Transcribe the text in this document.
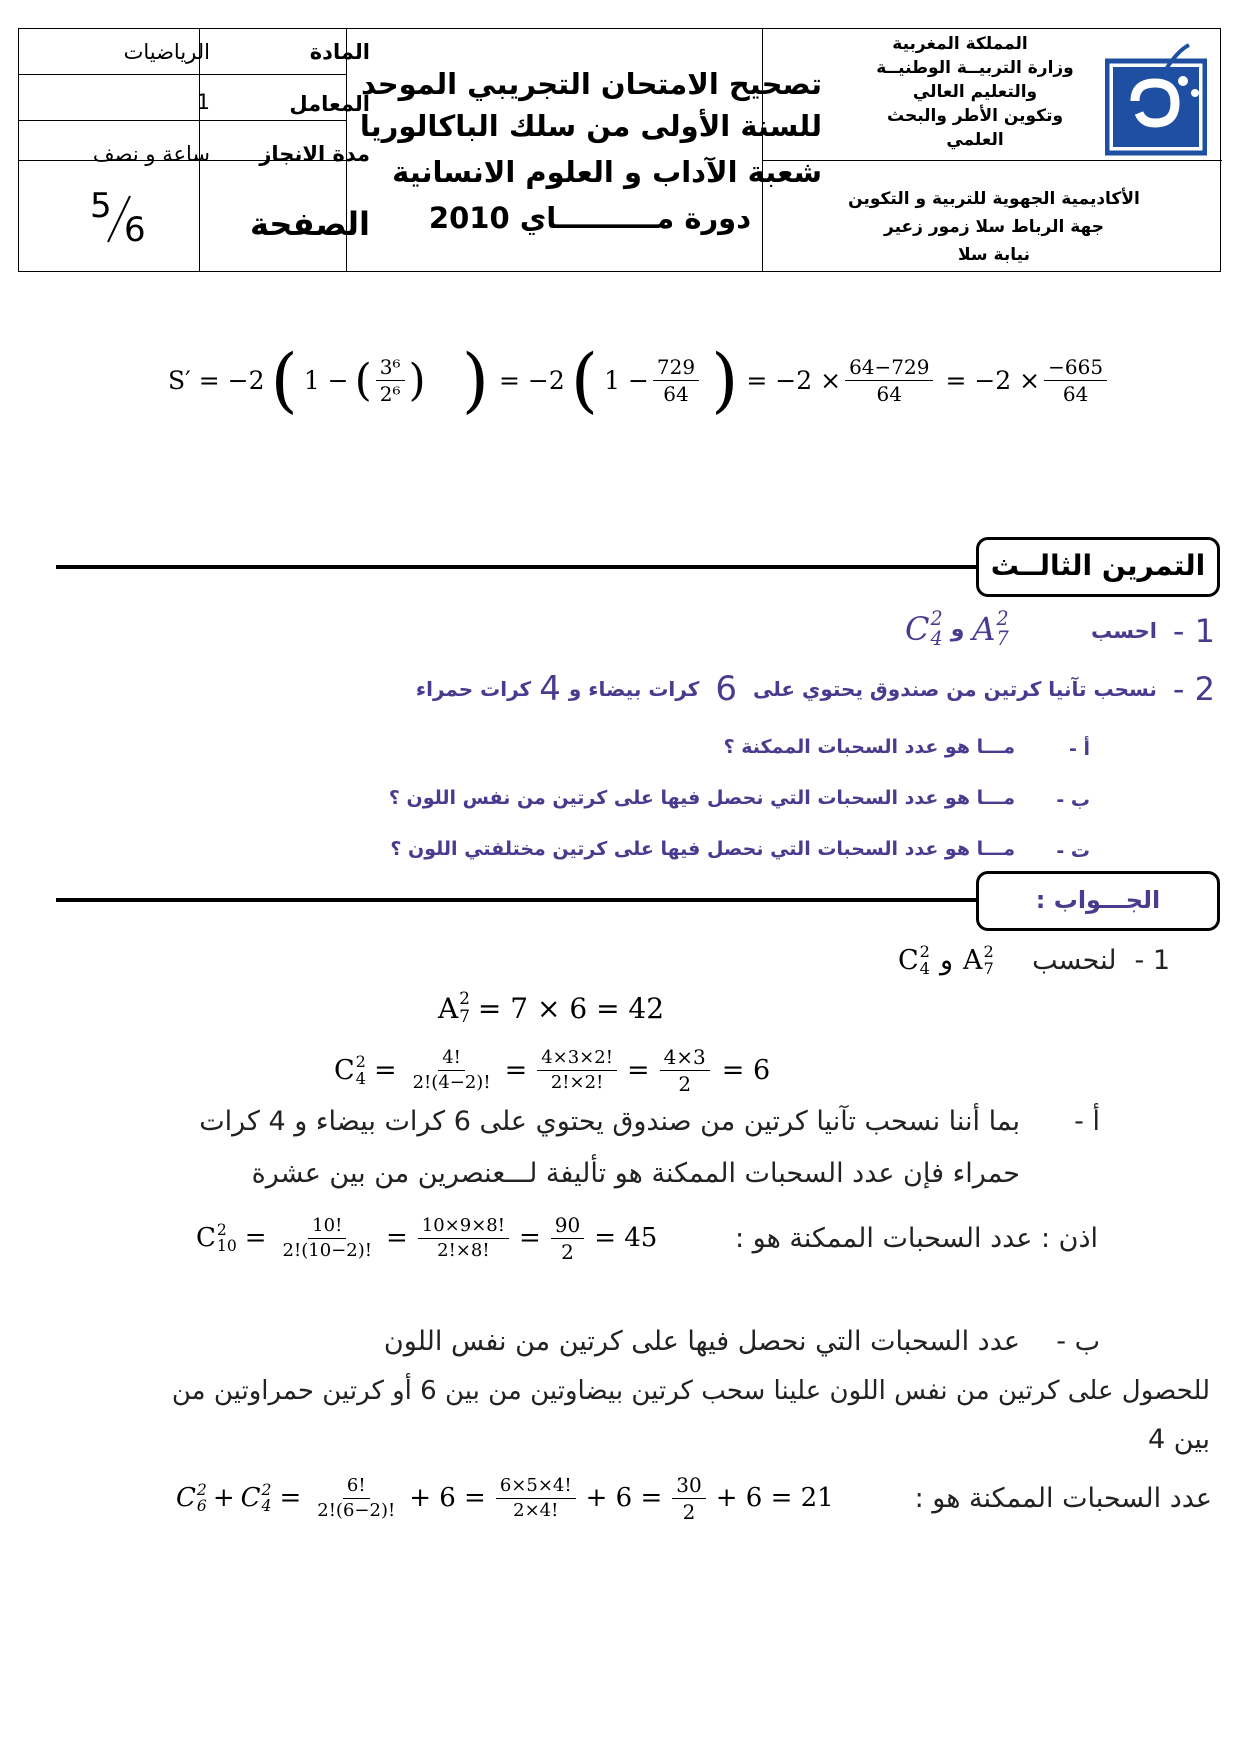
الرياضيات	المادة
1	المعامل
ساعة و نصف	مدة الانجاز
الصفحة
5
6
تصحيح الامتحان التجريبي الموحد
للسنة الأولى من سلك الباكالوريا
شعبة الآداب و العلوم الانسانية
دورة مــــــــــاي 2010
المملكة المغربية
وزارة التربيــة الوطنيــة
والتعليم العالي
وتكوين الأطر والبحث
العلمي
الأكاديمية الجهوية للتربية و التكوين
جهة الرباط سلا زمور زعير
نيابة سلا
S′ = −2 ( 1 − ( $\frac{\text{3⁶}}{\text{2⁶}}$ ) ) = −2 ( $1 - \frac{729}{64}$ ) = $-2 \times \frac{64-729}{64} = -2 \times \frac{-665}{64}$
التمرين الثالــث
1 -
احسب
C 2
4 و A 2
7
2 -
نسحب تآنيا كرتين من صندوق يحتوي على
6
كرات بيضاء و
4
كرات حمراء
أ -
مـــا هو عدد السحبات الممكنة ؟
ب -
مـــا هو عدد السحبات التي نحصل فيها على كرتين من نفس اللون ؟
ت -
مـــا هو عدد السحبات التي نحصل فيها على كرتين مختلفتي اللون ؟
الجـــواب :
1 -
لنحسب
C 2
4 و A 2
7
A 2
7 = 7 × 6 = 42
C 2
$4 = \frac{4!}{2!(4-2)!} = \frac{4\times 3\times 2!}{2!\times 2!} = \frac{4\times 3}{2} = 6$
أ -
بما أننا نسحب تآنيا كرتين من صندوق يحتوي على 6 كرات بيضاء و 4 كرات
حمراء فإن عدد السحبات الممكنة هو تأليفة لـــعنصرين من بين عشرة
اذن : عدد السحبات الممكنة هو :
C 2
$10 = \frac{10!}{2!(10-2)!} = \frac{10\times 9\times 8!}{2!\times 8!} = \frac{90}{2} = 45$
ب -
عدد السحبات التي نحصل فيها على كرتين من نفس اللون
للحصول على كرتين من نفس اللون علينا سحب كرتين بيضاوتين من بين 6 أو كرتين حمراوتين من
بين 4
عدد السحبات الممكنة هو :
C 2
6 + C 2
$4 = \frac{6!}{2!(6-2)!} + 6 = \frac{6\times 5\times 4!}{2\times 4!} + 6 = \frac{30}{2} + 6 = 21$
